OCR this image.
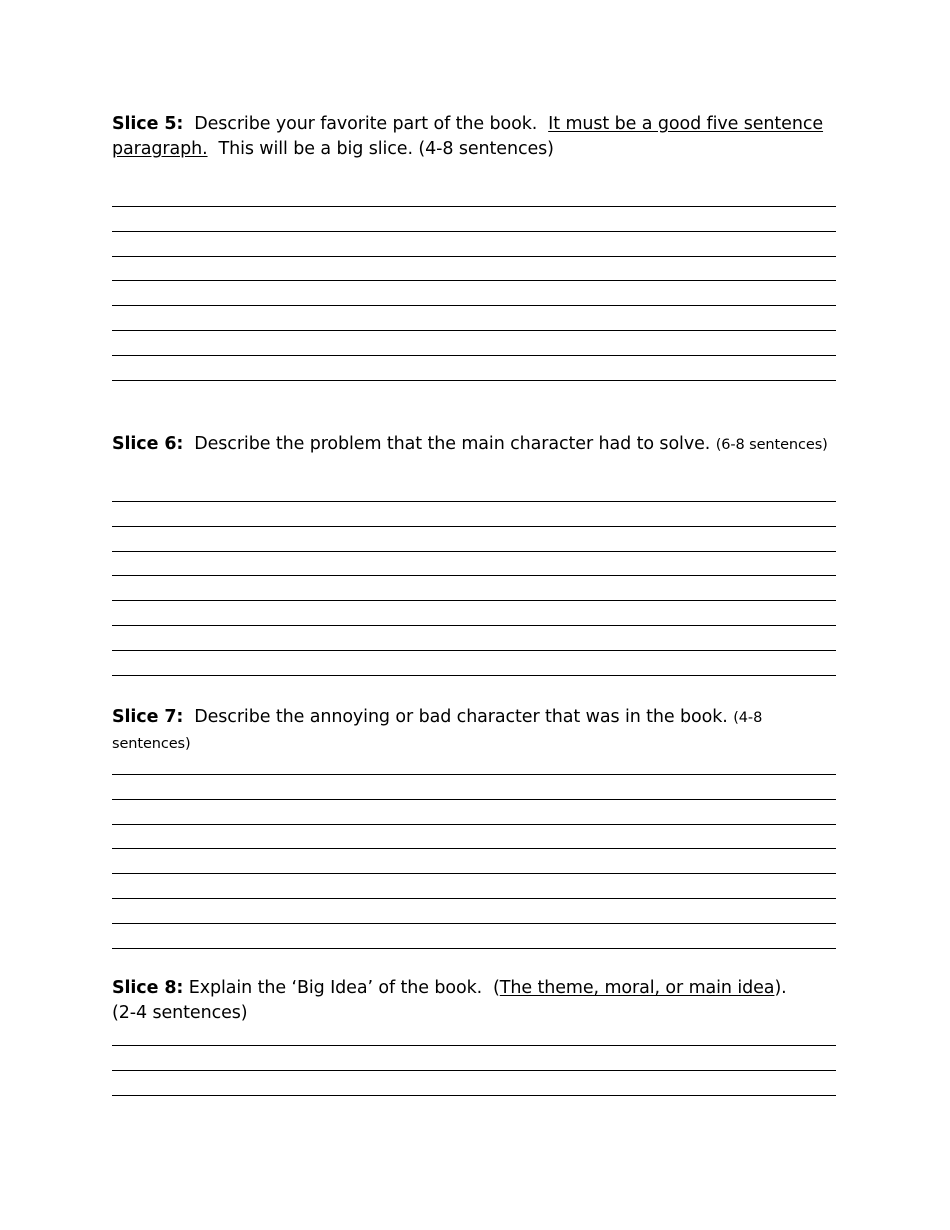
Slice 5: Describe your favorite part of the book. It must be a good five sentence paragraph. This will be a big slice. (4-8 sentences)
Slice 6: Describe the problem that the main character had to solve. (6-8 sentences)
Slice 7: Describe the annoying or bad character that was in the book. (4-8 sentences)
Slice 8: Explain the ‘Big Idea’ of the book. (The theme, moral, or main idea).
(2-4 sentences)
